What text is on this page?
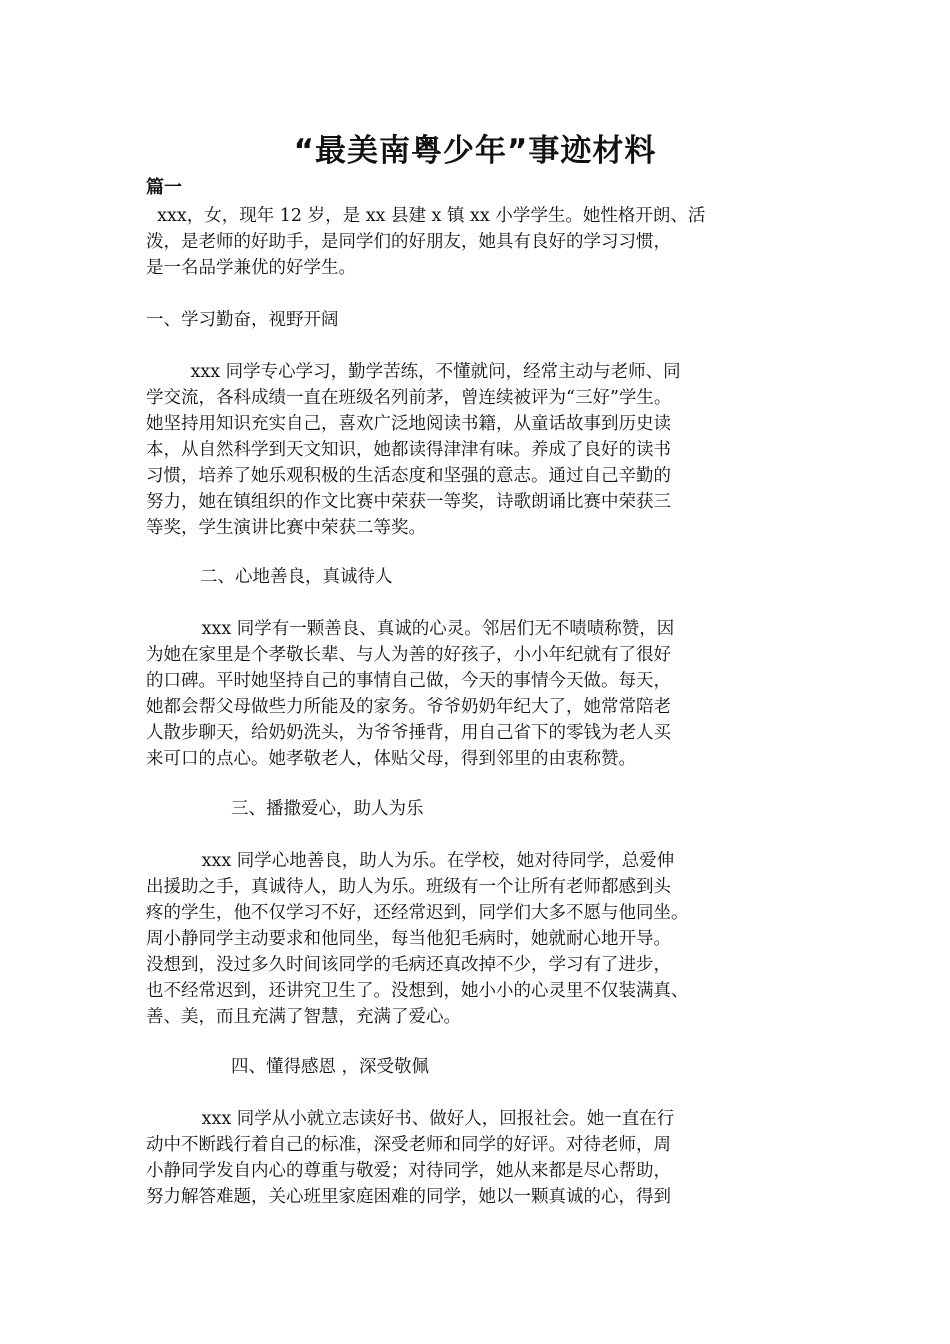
“最美南粤少年”事迹材料
篇一
xxx，女，现年 12 岁，是 xx 县建 x 镇 xx 小学学生。她性格开朗、活
泼，是老师的好助手，是同学们的好朋友，她具有良好的学习习惯，
是一名品学兼优的好学生。
一、学习勤奋，视野开阔
xxx 同学专心学习，勤学苦练，不懂就问，经常主动与老师、同
学交流，各科成绩一直在班级名列前茅，曾连续被评为“三好”学生。
她坚持用知识充实自己，喜欢广泛地阅读书籍，从童话故事到历史读
本，从自然科学到天文知识，她都读得津津有味。养成了良好的读书
习惯，培养了她乐观积极的生活态度和坚强的意志。通过自己辛勤的
努力，她在镇组织的作文比赛中荣获一等奖，诗歌朗诵比赛中荣获三
等奖，学生演讲比赛中荣获二等奖。
二、心地善良，真诚待人
xxx 同学有一颗善良、真诚的心灵。邻居们无不啧啧称赞，因
为她在家里是个孝敬长辈、与人为善的好孩子，小小年纪就有了很好
的口碑。平时她坚持自己的事情自己做，今天的事情今天做。每天，
她都会帮父母做些力所能及的家务。爷爷奶奶年纪大了，她常常陪老
人散步聊天，给奶奶洗头，为爷爷捶背，用自己省下的零钱为老人买
来可口的点心。她孝敬老人，体贴父母，得到邻里的由衷称赞。
三、播撒爱心，助人为乐
xxx 同学心地善良，助人为乐。在学校，她对待同学，总爱伸
出援助之手，真诚待人，助人为乐。班级有一个让所有老师都感到头
疼的学生，他不仅学习不好，还经常迟到，同学们大多不愿与他同坐。
周小静同学主动要求和他同坐，每当他犯毛病时，她就耐心地开导。
没想到，没过多久时间该同学的毛病还真改掉不少，学习有了进步，
也不经常迟到，还讲究卫生了。没想到，她小小的心灵里不仅装满真、
善、美，而且充满了智慧，充满了爱心。
四、懂得感恩 ，深受敬佩
xxx 同学从小就立志读好书、做好人，回报社会。她一直在行
动中不断践行着自己的标准，深受老师和同学的好评。对待老师，周
小静同学发自内心的尊重与敬爱；对待同学，她从来都是尽心帮助，
努力解答难题，关心班里家庭困难的同学，她以一颗真诚的心，得到
